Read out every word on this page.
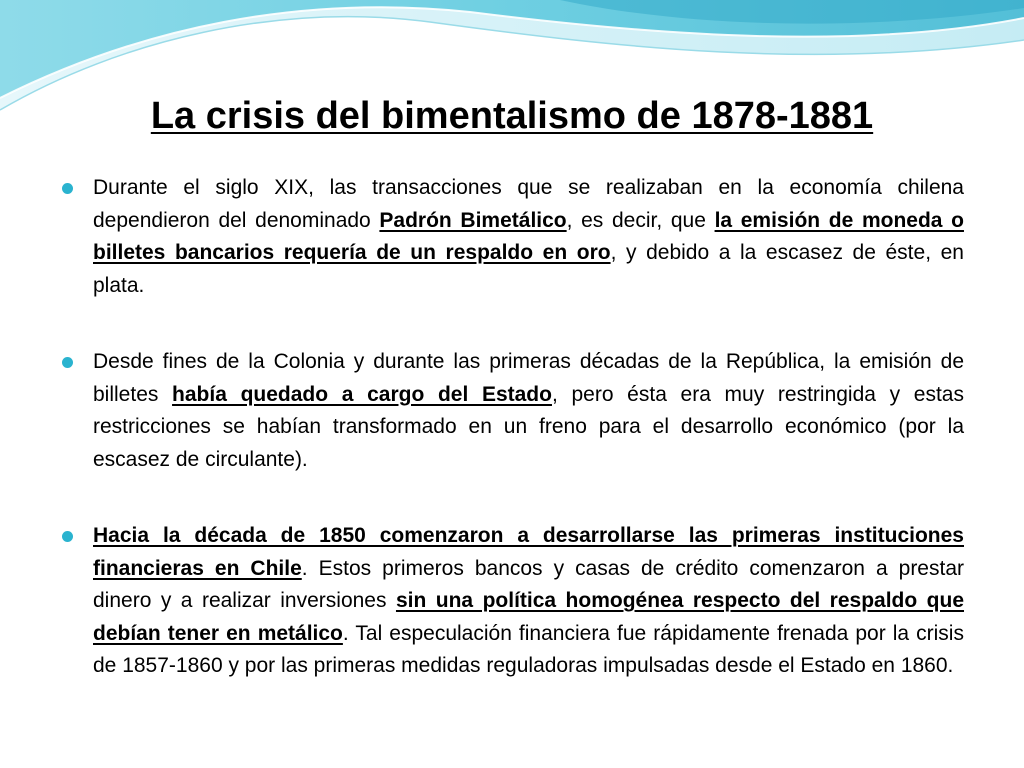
La crisis del bimentalismo de 1878-1881
Durante el siglo XIX, las transacciones que se realizaban en la economía chilena dependieron del denominado Padrón Bimetálico, es decir, que la emisión de moneda o billetes bancarios requería de un respaldo en oro, y debido a la escasez de éste, en plata.
Desde fines de la Colonia y durante las primeras décadas de la República, la emisión de billetes había quedado a cargo del Estado, pero ésta era muy restringida y estas restricciones se habían transformado en un freno para el desarrollo económico (por la escasez de circulante).
Hacia la década de 1850 comenzaron a desarrollarse las primeras instituciones financieras en Chile. Estos primeros bancos y casas de crédito comenzaron a prestar dinero y a realizar inversiones sin una política homogénea respecto del respaldo que debían tener en metálico. Tal especulación financiera fue rápidamente frenada por la crisis de 1857-1860 y por las primeras medidas reguladoras impulsadas desde el Estado en 1860.
